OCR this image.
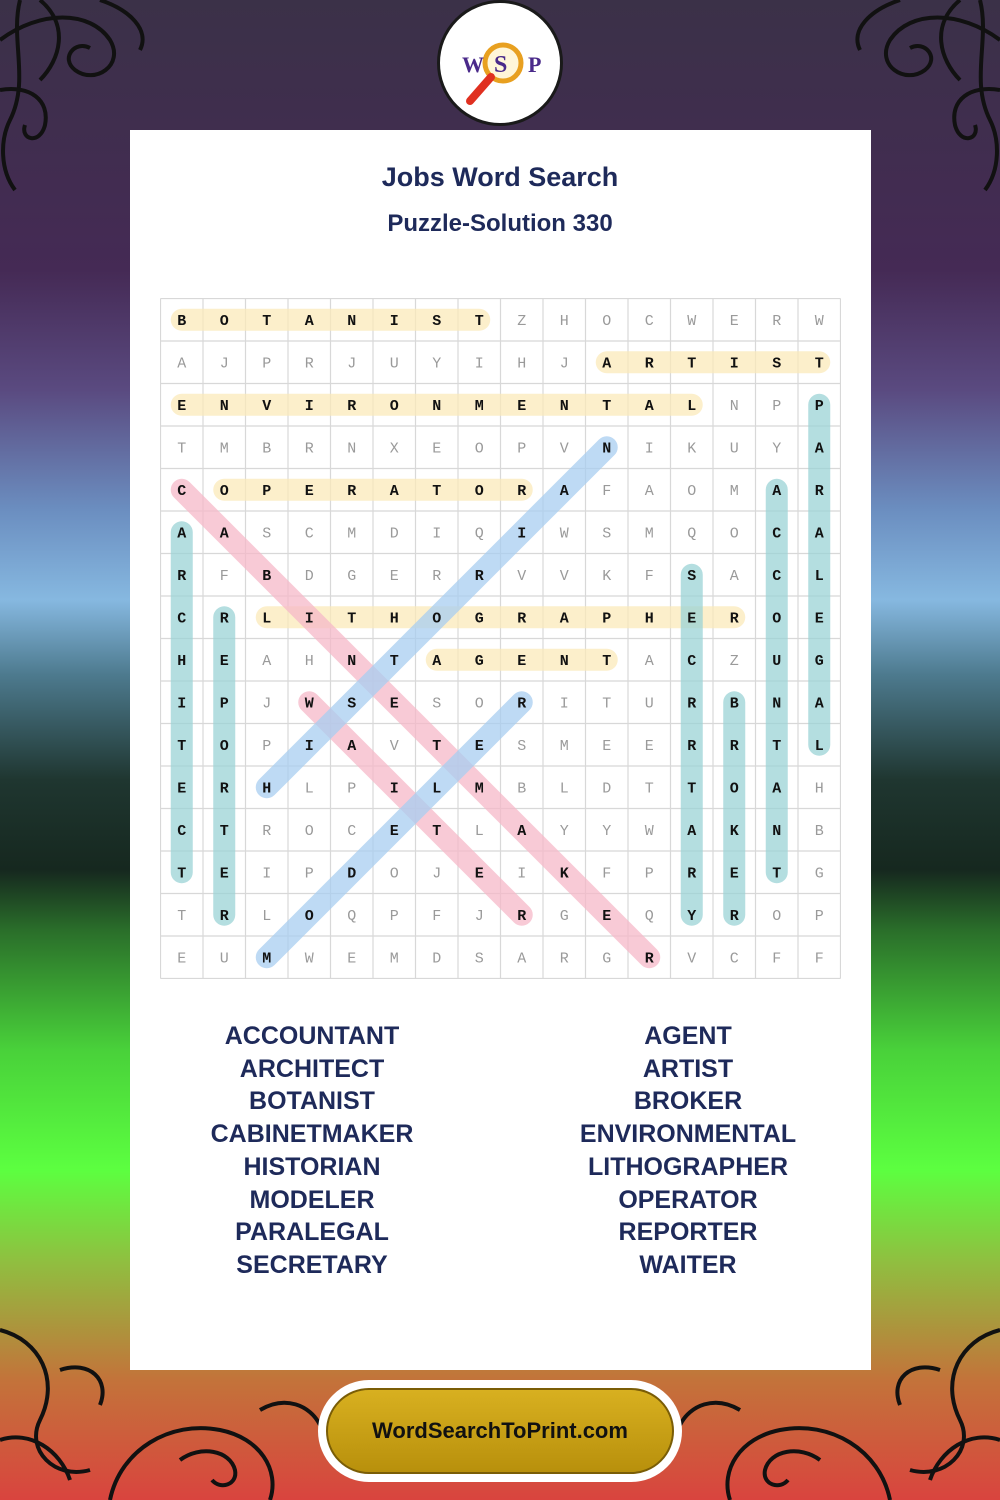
W S P
Jobs Word Search
Puzzle-Solution 330
B O T A N I S T Z H O C W E R W
A J P R J U Y I H J A R T I S T
E N V I R O N M E N T A L N P P
T M B R N X E O P V N I K U Y A
C O P E R A T O R A F A O M A R
A A S C M D I Q I W S M Q O C A
R F B D G E R R V V K F S A C L
C R L I T H O G R A P H E R O E
H E A H N T A G E N T A C Z U G
I P J W S E S O R I T U R B N A
T O P I A V T E S M E E R R T L
E R H L P I L M B L D T T O A H
C T R O C E T L A Y Y W A K N B
T E I P D O J E I K F P R E T G
T R L O Q P F J R G E Q Y R O P
E U M W E M D S A R G R V C F F
ACCOUNTANT
ARCHITECT
BOTANIST
CABINETMAKER
HISTORIAN
MODELER
PARALEGAL
SECRETARY
AGENT
ARTIST
BROKER
ENVIRONMENTAL
LITHOGRAPHER
OPERATOR
REPORTER
WAITER
WordSearchToPrint.com
